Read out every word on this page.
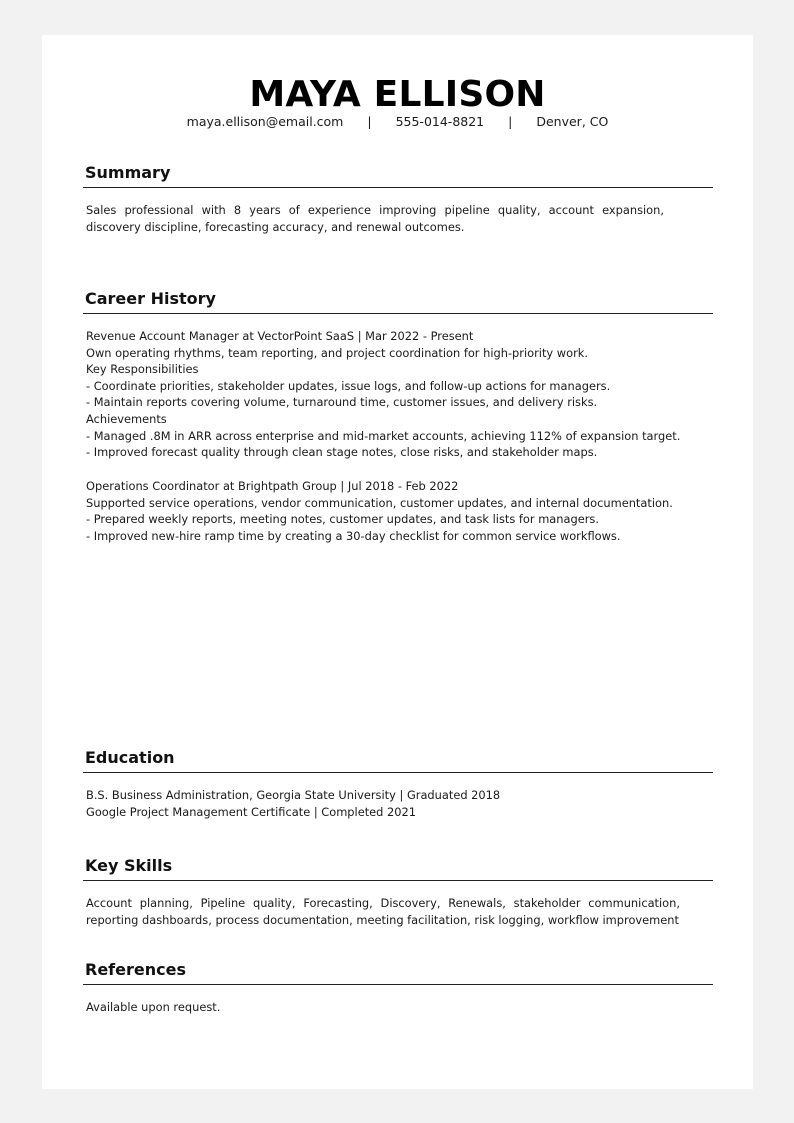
MAYA ELLISON
maya.ellison@email.com | 555-014-8821 | Denver, CO
Summary
Sales professional with 8 years of experience improving pipeline quality, account expansion, discovery discipline, forecasting accuracy, and renewal outcomes.
Career History
Revenue Account Manager at VectorPoint SaaS | Mar 2022 - Present
Own operating rhythms, team reporting, and project coordination for high-priority work.
Key Responsibilities
- Coordinate priorities, stakeholder updates, issue logs, and follow-up actions for managers.
- Maintain reports covering volume, turnaround time, customer issues, and delivery risks.
Achievements
- Managed .8M in ARR across enterprise and mid-market accounts, achieving 112% of expansion target.
- Improved forecast quality through clean stage notes, close risks, and stakeholder maps.
Operations Coordinator at Brightpath Group | Jul 2018 - Feb 2022
Supported service operations, vendor communication, customer updates, and internal documentation.
- Prepared weekly reports, meeting notes, customer updates, and task lists for managers.
- Improved new-hire ramp time by creating a 30-day checklist for common service workflows.
Education
B.S. Business Administration, Georgia State University | Graduated 2018
Google Project Management Certificate | Completed 2021
Key Skills
Account planning, Pipeline quality, Forecasting, Discovery, Renewals, stakeholder communication, reporting dashboards, process documentation, meeting facilitation, risk logging, workflow improvement
References
Available upon request.
